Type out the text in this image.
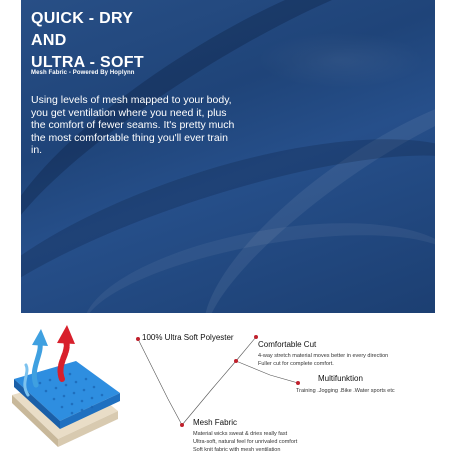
QUICK - DRY
AND
ULTRA - SOFT
Mesh Fabric - Powered By Hoplynn

Using levels of mesh mapped to your body, you get ventilation where you need it, plus the comfort of fewer seams. It's pretty much the most comfortable thing you'll ever train in.

100% Ultra Soft Polyester
Comfortable Cut
4-way stretch material moves better in every direction
Fuller cut for complete comfort.
Multifunktion
Training .Jogging .Bike .Water sports etc
Mesh Fabric
Material wicks sweat & dries really fast
Ultra-soft, natural feel for unrivaled comfort
Soft knit fabric with mesh ventilation
